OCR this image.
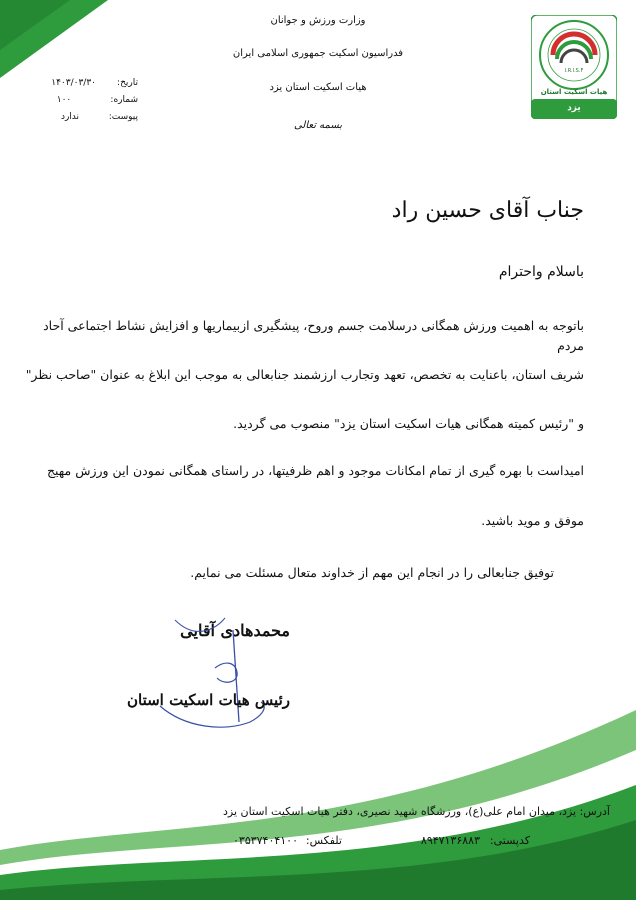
I.R.I.S.F
هیات اسکیت استان
یزد
وزارت ورزش و جوانان
فدراسیون اسکیت جمهوری اسلامی ایران
هیات اسکیت استان یزد
بسمه تعالی
تاریخ:
۱۴۰۳/۰۳/۳۰
شماره:
۱۰۰
پیوست:
ندارد
جناب آقای حسین راد
باسلام واحترام
باتوجه به اهمیت ورزش همگانی درسلامت جسم وروح، پیشگیری ازبیماریها و افزایش نشاط اجتماعی آحاد مردم
شریف استان، باعنایت به تخصص، تعهد وتجارب ارزشمند جنابعالی به موجب این ابلاغ به عنوان "صاحب نظر"
و "رئیس کمیته همگانی هیات اسکیت استان یزد" منصوب می گردید.
امیداست با بهره گیری از تمام امکانات موجود و اهم ظرفیتها، در راستای همگانی نمودن این ورزش مهیج
موفق و موید باشید.
توفیق جنابعالی را در انجام این مهم از خداوند متعال مسئلت می نمایم.
محمدهادی آقایی
رئیس هیات اسکیت استان
آدرس: یزد، میدان امام علی(ع)، ورزشگاه شهید نصیری، دفتر هیات اسکیت استان یزد
کدپستی:
۸۹۴۷۱۳۶۸۸۳
تلفکس:
۰۳۵۳۷۴۰۴۱۰۰
